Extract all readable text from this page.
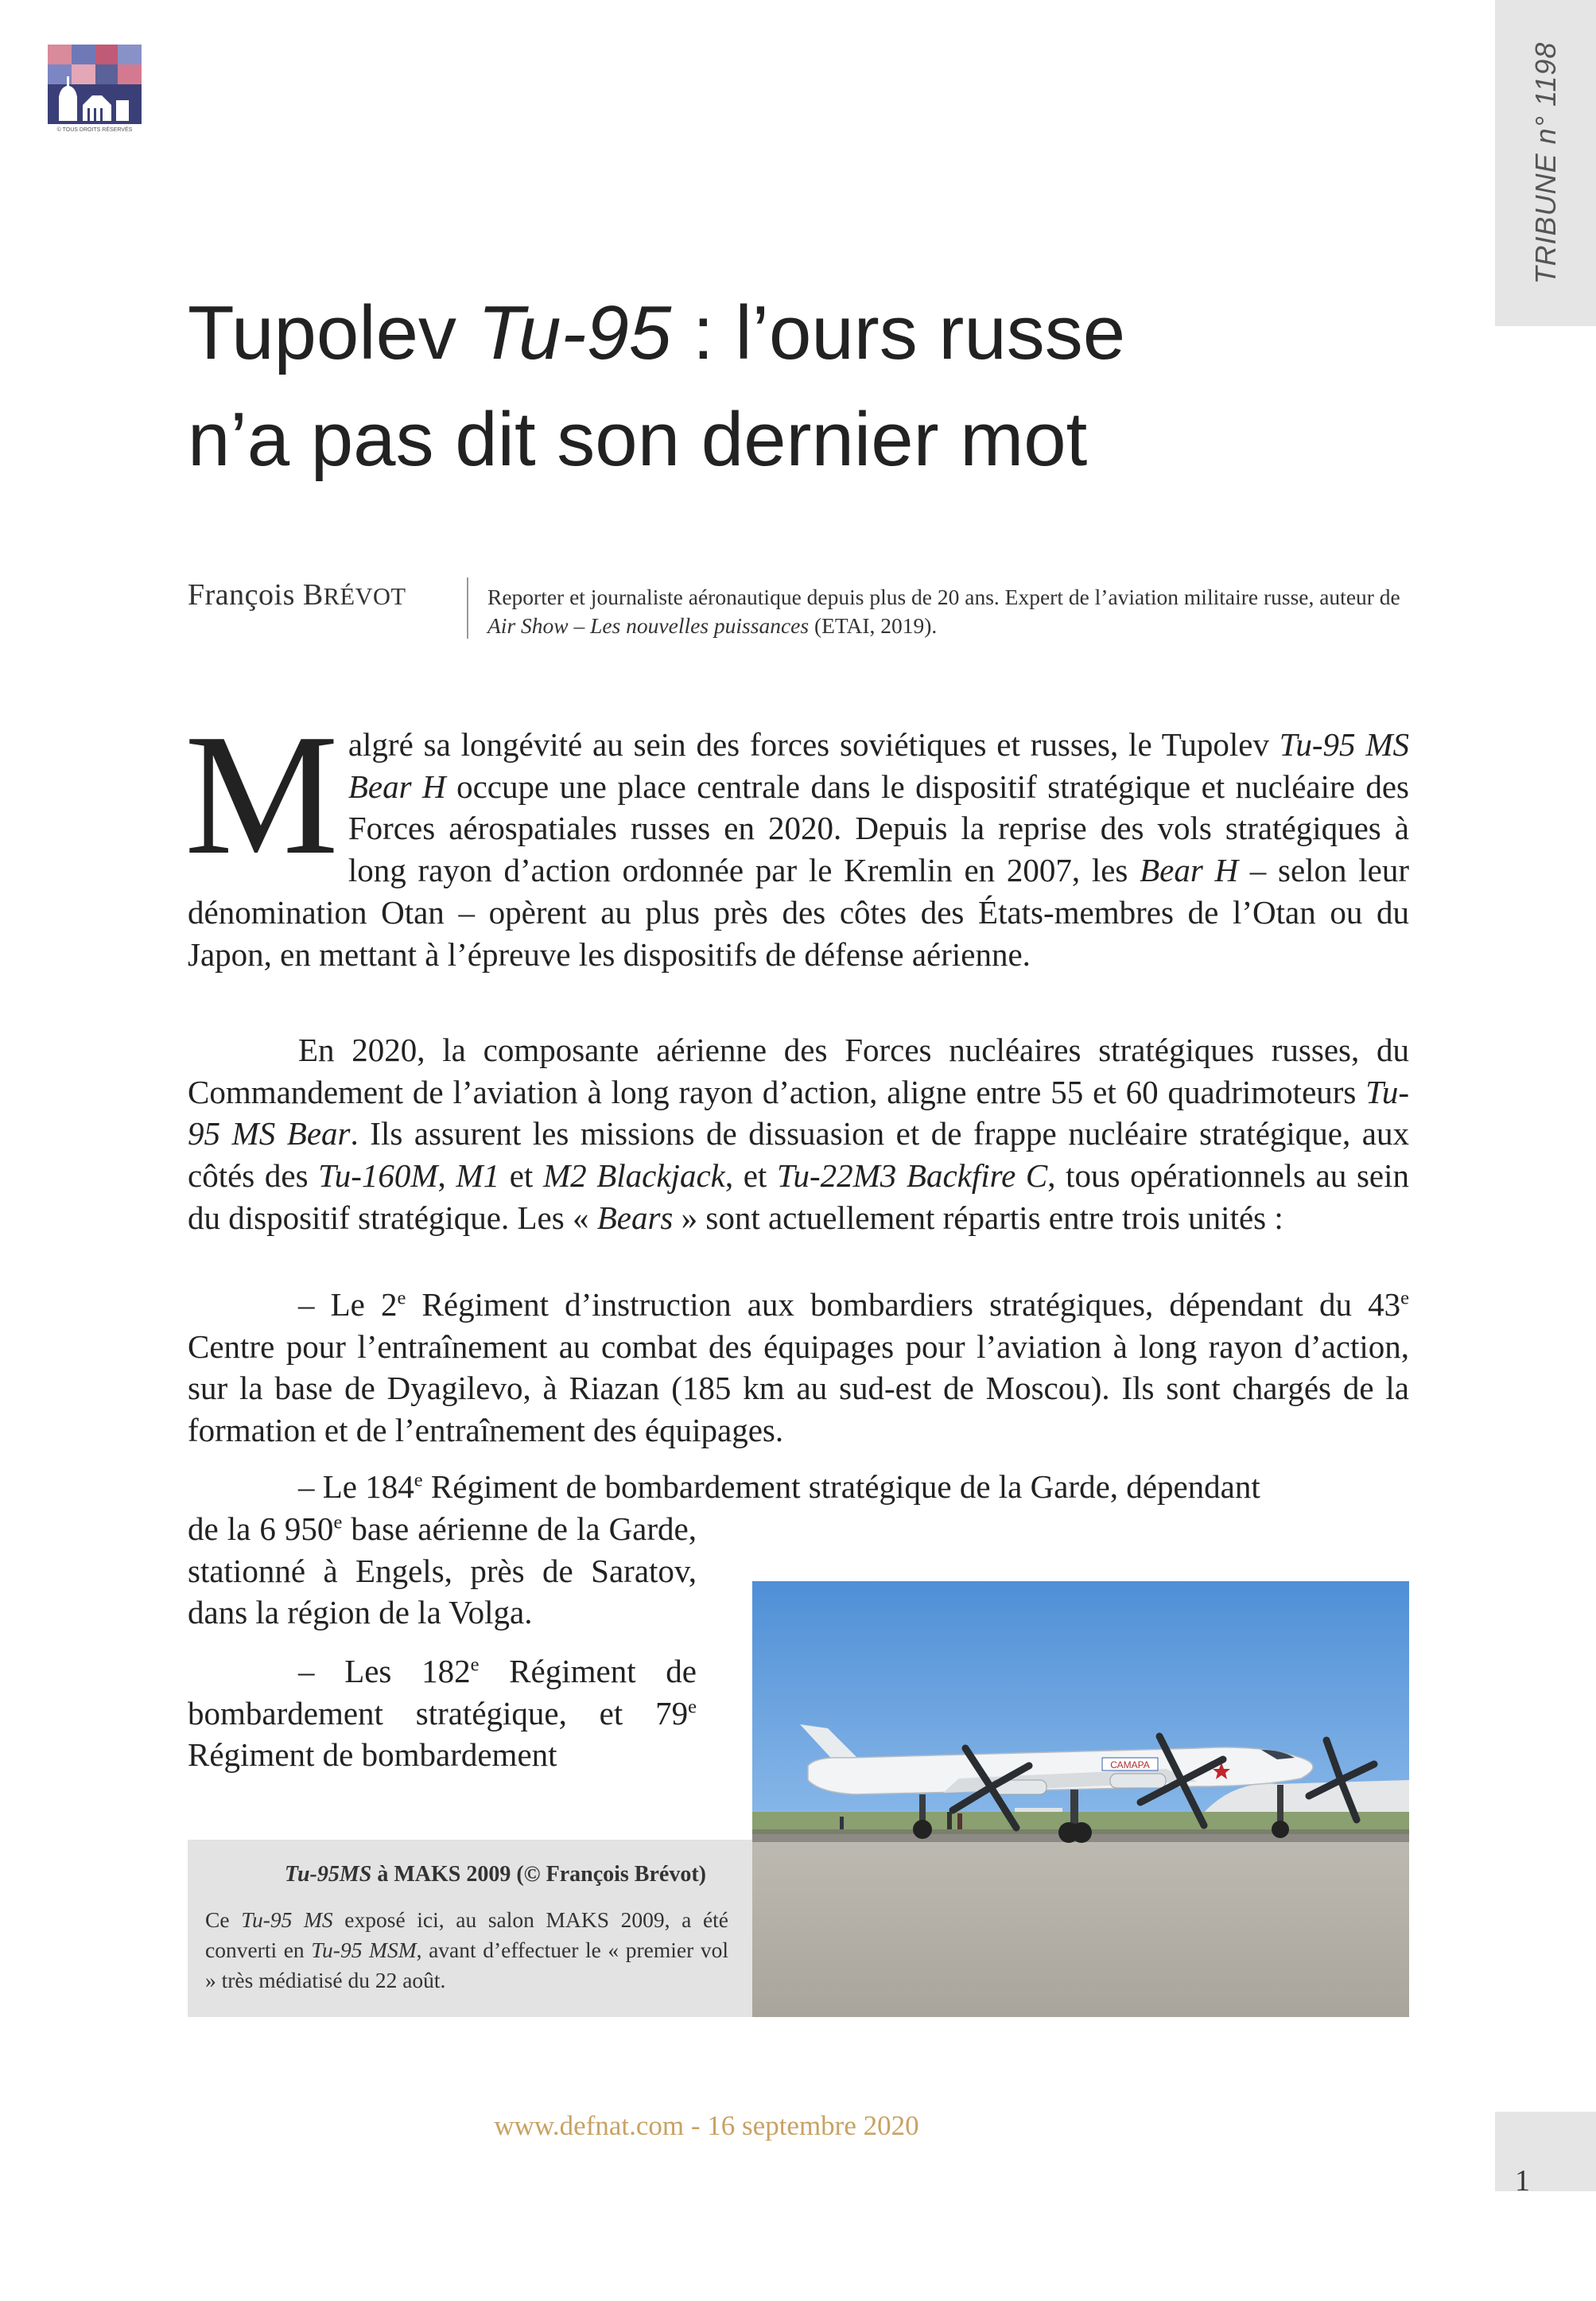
TRIBUNE n° 1198
© TOUS DROITS RÉSERVÉS
Tupolev Tu-95 : l’ours russe
n’a pas dit son dernier mot
François BRÉVOT	Reporter et journaliste aéronautique depuis plus de 20 ans. Expert de l’aviation militaire russe, auteur de Air Show – Les nouvelles puissances (ETAI, 2019).

Malgré sa longévité au sein des forces soviétiques et russes, le Tupolev Tu-95 MS Bear H occupe une place centrale dans le dispositif stratégique et nucléaire des Forces aérospatiales russes en 2020. Depuis la reprise des vols stratégiques à long rayon d’action ordonnée par le Kremlin en 2007, les Bear H – selon leur dénomination Otan – opèrent au plus près des côtes des États-membres de l’Otan ou du Japon, en mettant à l’épreuve les dispositifs de défense aérienne.

En 2020, la composante aérienne des Forces nucléaires stratégiques russes, du Commandement de l’aviation à long rayon d’action, aligne entre 55 et 60 quadrimoteurs Tu-95 MS Bear. Ils assurent les missions de dissuasion et de frappe nucléaire stratégique, aux côtés des Tu-160M, M1 et M2 Blackjack, et Tu-22M3 Backfire C, tous opérationnels au sein du dispositif stratégique. Les « Bears » sont actuellement répartis entre trois unités :

– Le 2e Régiment d’instruction aux bombardiers stratégiques, dépendant du 43e Centre pour l’entraînement au combat des équipages pour l’aviation à long rayon d’action, sur la base de Dyagilevo, à Riazan (185 km au sud-est de Moscou). Ils sont chargés de la formation et de l’entraînement des équipages.

– Le 184e Régiment de bombardement stratégique de la Garde, dépendant

de la 6 950e base aérienne de la Garde, stationné à Engels, près de Saratov, dans la région de la Volga.

– Les 182e Régiment de bombardement stratégique, et 79e Régiment de bombardement

Tu-95MS à MAKS 2009 (© François Brévot)
Ce Tu-95 MS exposé ici, au salon MAKS 2009, a été converti en Tu-95 MSM, avant d’effectuer le « premier vol » très médiatisé du 22 août.
САМАРА
www.defnat.com - 16 septembre 2020
1
